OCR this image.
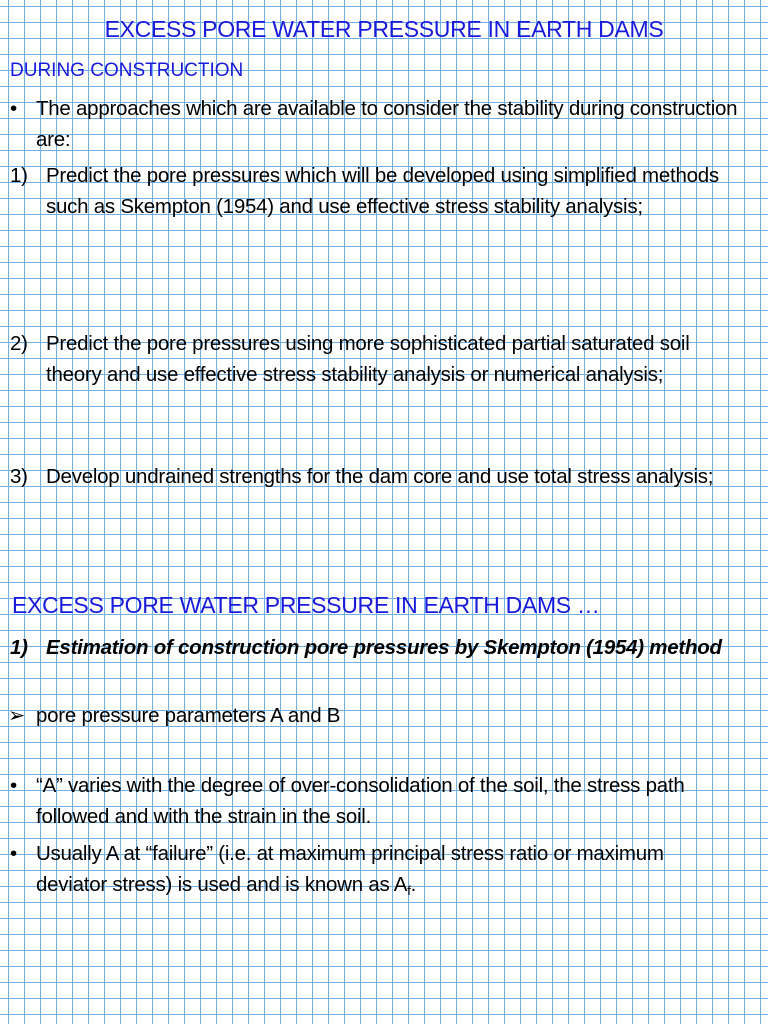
EXCESS PORE WATER PRESSURE IN EARTH DAMS
DURING CONSTRUCTION
• The approaches which are available to consider the stability during construction are:
1) Predict the pore pressures which will be developed using simplified methods such as Skempton (1954) and use effective stress stability analysis;
2) Predict the pore pressures using more sophisticated partial saturated soil theory and use effective stress stability analysis or numerical analysis;
3) Develop undrained strengths for the dam core and use total stress analysis;
EXCESS PORE WATER PRESSURE IN EARTH DAMS …
1) Estimation of construction pore pressures by Skempton (1954) method
➢ pore pressure parameters A and B
• “A” varies with the degree of over-consolidation of the soil, the stress path followed and with the strain in the soil.
• Usually A at “failure” (i.e. at maximum principal stress ratio or maximum deviator stress) is used and is known as $A_f$.
